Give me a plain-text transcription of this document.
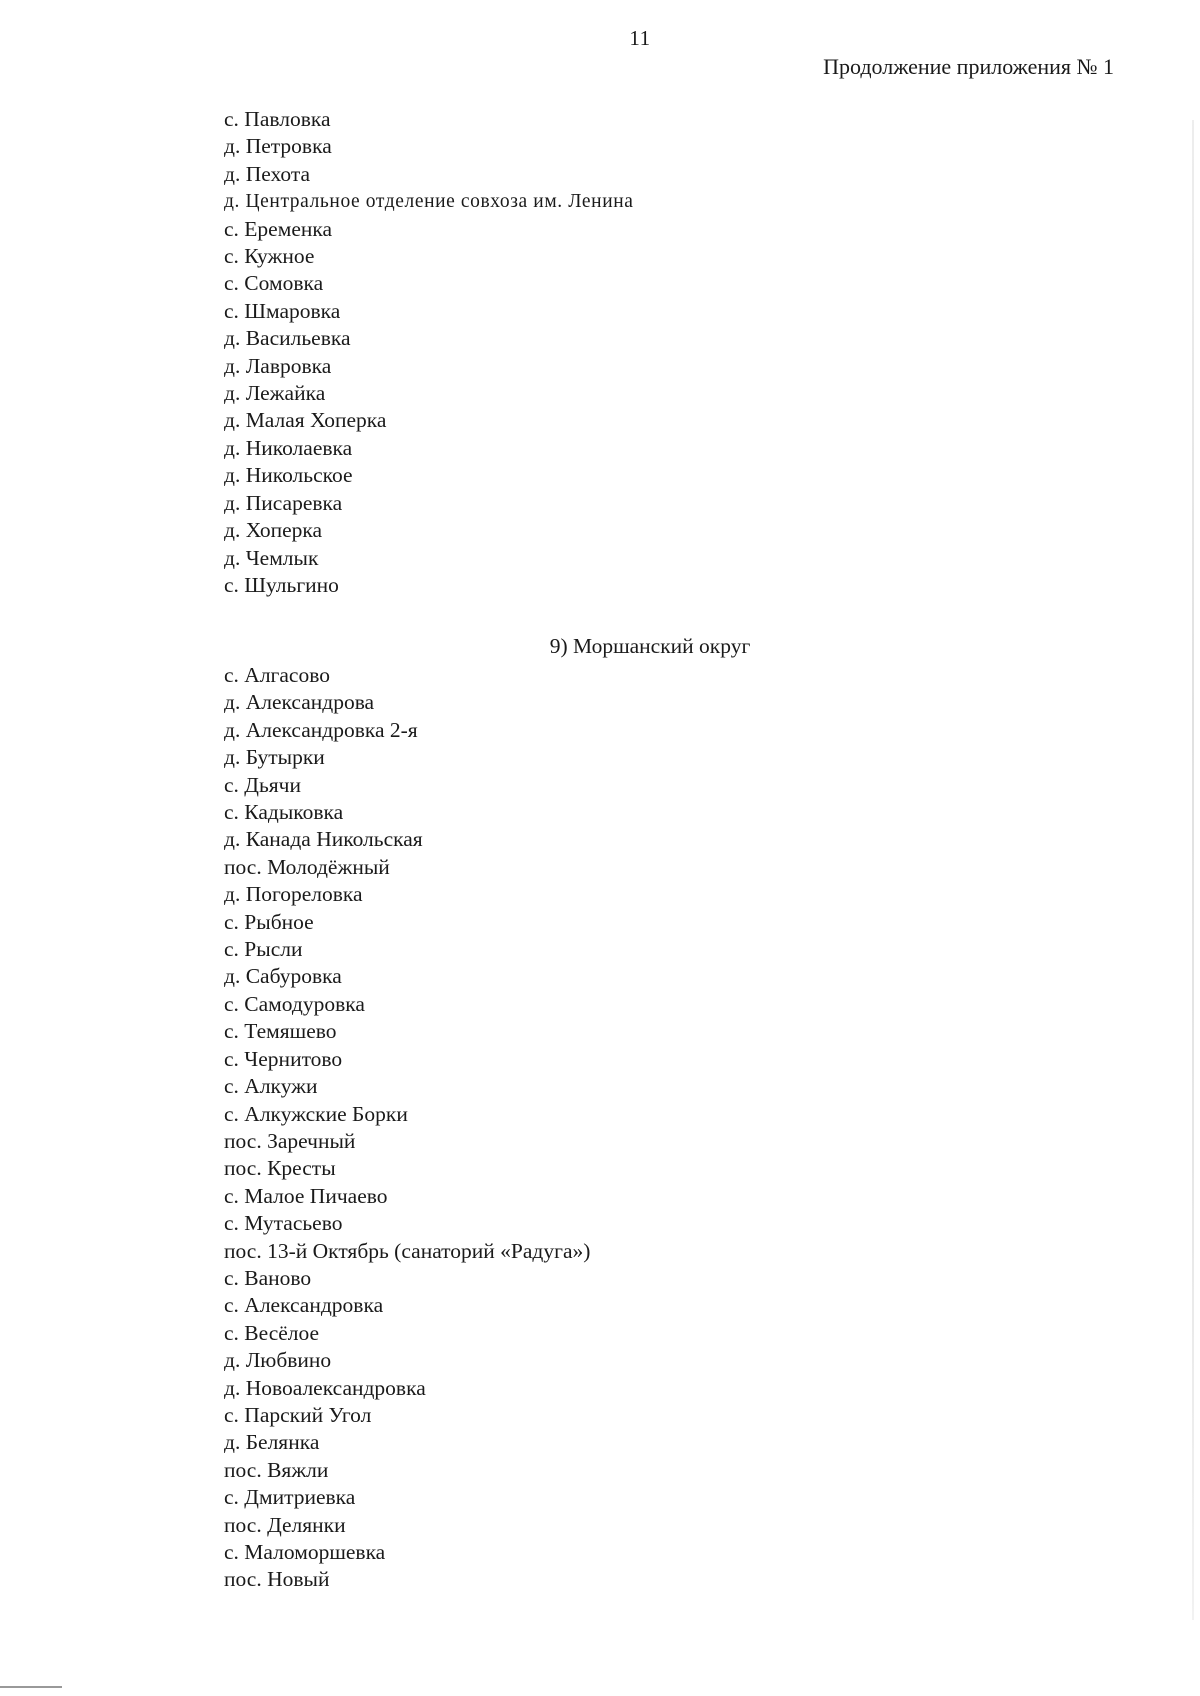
11
Продолжение приложения № 1
с. Павловка
д. Петровка
д. Пехота
д. Центральное отделение совхоза им. Ленина
с. Еременка
с. Кужное
с. Сомовка
с. Шмаровка
д. Васильевка
д. Лавровка
д. Лежайка
д. Малая Хоперка
д. Николаевка
д. Никольское
д. Писаревка
д. Хоперка
д. Чемлык
с. Шульгино
9) Моршанский округ
с. Алгасово
д. Александрова
д. Александровка 2-я
д. Бутырки
с. Дьячи
с. Кадыковка
д. Канада Никольская
пос. Молодёжный
д. Погореловка
с. Рыбное
с. Рысли
д. Сабуровка
с. Самодуровка
с. Темяшево
с. Чернитово
с. Алкужи
с. Алкужские Борки
пос. Заречный
пос. Кресты
с. Малое Пичаево
с. Мутасьево
пос. 13-й Октябрь (санаторий «Радуга»)
с. Ваново
с. Александровка
с. Весёлое
д. Любвино
д. Новоалександровка
с. Парский Угол
д. Белянка
пос. Вяжли
с. Дмитриевка
пос. Делянки
с. Маломоршевка
пос. Новый
